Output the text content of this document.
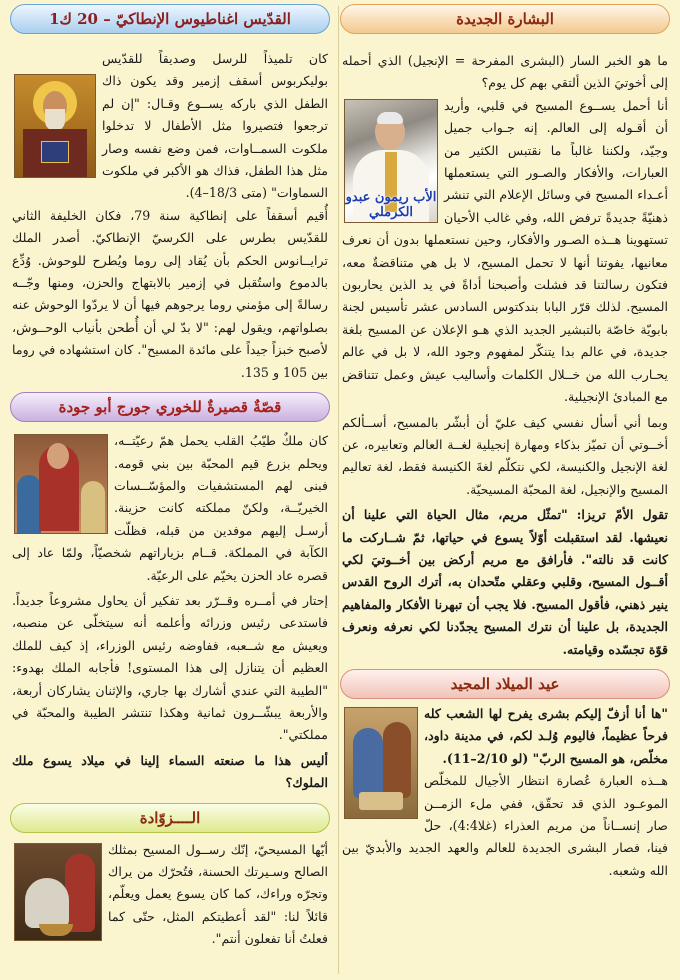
البشارة الجديدة

ما هو الخبر السار (البشرى المفرحة = الإنجيل) الذي أحمله إلى أخوتيَ الذين ألتقي بهم كل يوم؟

الأب ريمون عبدو الكرملي

أنا أحمل يســوع المسيح في قلبي، وأريد أن أقـوله إلى العالم. إنه جـواب جميل وجيّد، ولكننا غالباً ما نقتبس الكثير من العبارات، والأفكار والصـور التي يستعملها أعـداء المسيح في وسائل الإعلام التي تنشر ذهنيّةً جديدةً ترفض الله، وفي غالب الأحيان تستهوينا هــذه الصـور والأفكار، وحين نستعملها بدون أن نعرف معانيها، يفوتنا أنها لا تحمل المسيح، لا بل هي متناقضةٌ معه، فتكون رسالتنا قد فشلت وأصبحنا أداةً في يد الذين يحاربون المسيح. لذلك قرّر البابا بندكتوس السادس عشر تأسيس لجنة بابويّة خاصّة بالتبشير الجديد الذي هـو الإعلان عن المسيح بلغة جديدة، في عالم بدا يتنكّر لمفهوم وجود الله، لا بل في عالم يحـارب الله من خــلال الكلمات وأساليب عيش وعمل تتناقض مع المبادئ الإنجيلية.

وبما أني أسأل نفسي كيف عليّ أن أبشّر بالمسيح، أســألكم أخــوتي أن تميّز بذكاء ومهارة إنجيلية لغــة العالم وتعابيره، عن لغة الإنجيل والكنيسة، لكي نتكلّم لغةَ الكنيسة فقط، لغة تعاليم المسيح والإنجيل، لغة المحبّة المسيحيّة.

تقول الأمّ تريزا: "تمثّل مريم، مثال الحياة التي علينا أن نعيشها. لقد استقبلت أوّلاً يسوع في حياتها، ثمّ شــاركت ما كانت قد نالته". فأرافق مع مريم أركض بين أخــوتيَ لكي أقــول المسيح، وقلبي وعقلي متّحدان به، أترك الروح القدس ينير ذهني، فأقول المسيح. فلا يجب أن تبهرنا الأفكار والمفاهيم الجديدة، بل علينا أن نترك المسيح يجدّدنا لكي نعرفه ونعرف قوّة تجسّده وقيامته.

عيد الميلاد المجيد

"ها أنا أزفّ إليكم بشرى يفرح لها الشعب كله فرحاً عظيماً، فاليوم وُلـد لكم، في مدينة داود، مخلّص، هو المسيح الربّ" (لو 2/10–11).

هــذه العبارة عُصارة انتظار الأجيال للمخلّص الموعـود الذي قد تحقّق، ففي ملء الزمــن صار إنســاناً من مريم العذراء (غلا4:4)، حلّ فينا، فصار البشرى الجديدة للعالم والعهد الجديد والأبديّ بين الله وشعبه.

القدّيس اغناطيوس الإنطاكيّ – 20 ك1

كان تلميذاً للرسل وصديقاً للقدّيس بوليكربوس أسقف إزمير وقد يكون ذاك الطفل الذي باركه يســوع وقـال: "إن لم ترجعوا فتصيروا مثل الأطفال لا تدخلوا ملكوت السمــاوات، فمن وضع نفسه وصار مثل هذا الطفل، فذاك هو الأكبر في ملكوت السماوات" (متى 18/3–4).

أُقيم أسقفاً على إنطاكية سنة 79، فكان الخليفة الثاني للقدّيس بطرس على الكرسيّ الإنطاكيّ. أصدر الملك ترايــانوس الحكم بأن يُقاد إلى روما ويُطرح للوحوش. وُدِّع بالدموع واستُقبل في إزمير بالابتهاج والحزن، ومنها وجّــه رسالةً إلى مؤمني روما يرجوهم فيها أن لا يردّوا الوحوش عنه بصلواتهم، ويقول لهم: "لا بدّ لي أن أُطحن بأنياب الوحــوش، لأصبح خبزاً جيداً على مائدة المسيح". كان استشهاده في روما بين 105 و 135.

قصّةٌ قصيرةٌ للخوري جورج أبو جودة

كان ملكٌ طيّبُ القلب يحمل همّ رعيّتــه، ويحلم بزرع قيم المحبّة بين بني قومه. فبنى لهم المستشفيات والمؤسّــسات الخيريّــة، ولكنّ مملكته كانت حزينة. أرسـل إليهم موفدين من قبله، فظلّت الكآبة في المملكة. قــام بزياراتهم شخصيّاً، ولمّا عاد إلى قصره عاد الحزن يخيّم على الرعيّة.

إحتار في أمــره وقــرّر بعد تفكير أن يحاول مشروعاً جديداً. فاستدعى رئيس وزرائه وأعلمه أنه سيتخلّى عن منصبه، ويعيش مع شــعبه، ففاوضه رئيس الوزراء، إذ كيف للملك العظيم أن يتنازل إلى هذا المستوى! فأجابه الملك بهدوء: "الطيبة التي عندي أشارك بها جاري، والإثنان يشاركان أربعة، والأربعة يبشّــرون ثمانية وهكذا تنتشر الطيبة والمحبّة في مملكتي".

أليس هذا ما صنعته السماء إلينا في ميلاد يسوع ملك الملوك؟

الــــزوّادة

أيّها المسيحيّ، إنّك رســول المسيح بمثلك الصالح وسـيرتك الحسنة، فتُحرّك من يراك وتجرّه وراءك، كما كان يسوع يعمل ويعلّم، قائلاً لنا: "لقد أعطيتكم المثل، حتّى كما فعلتُ أنا تفعلون أنتم".
